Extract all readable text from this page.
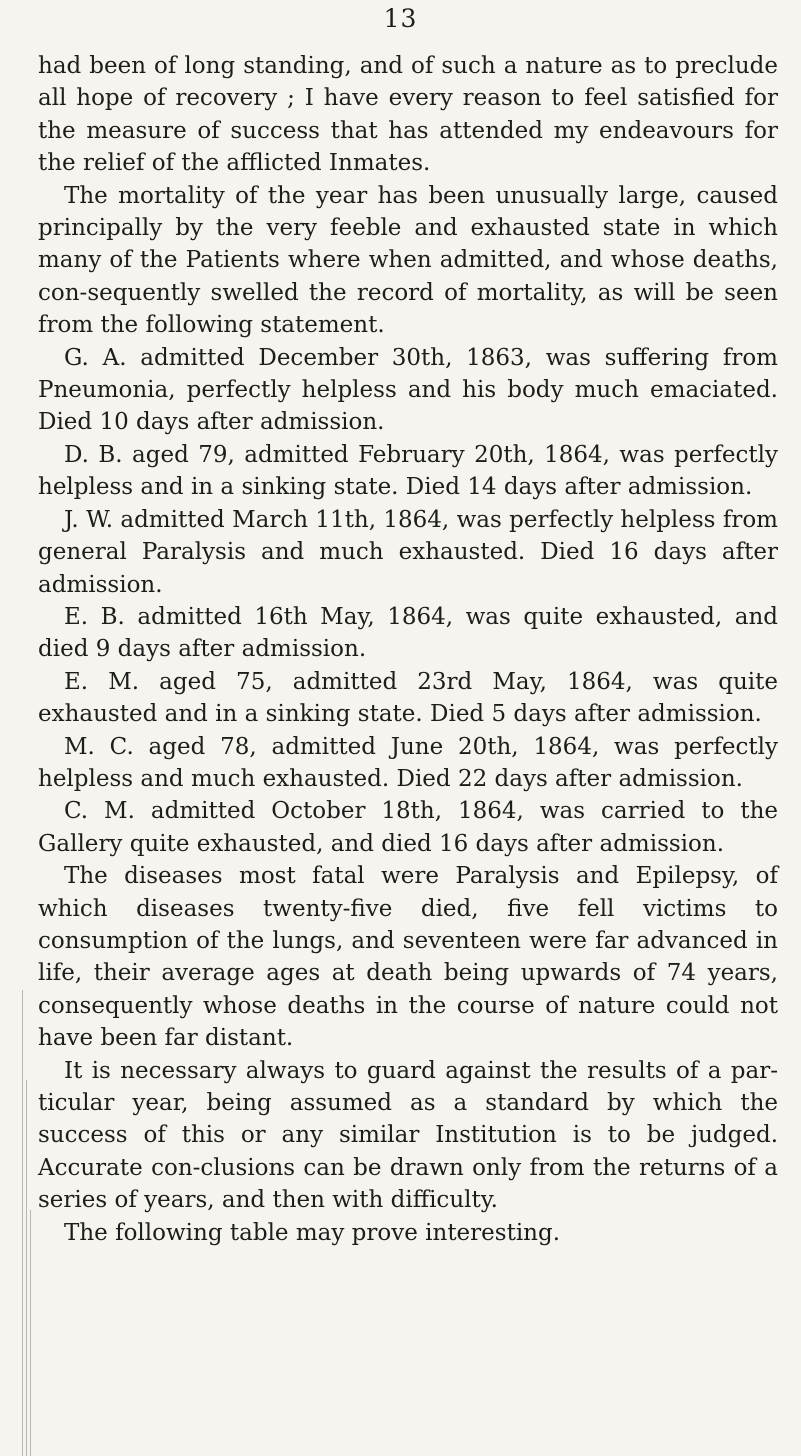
13

had been of long standing, and of such a nature as to preclude all hope of recovery ; I have every reason to feel satisfied for the measure of success that has attended my endeavours for the relief of the afflicted Inmates.

The mortality of the year has been unusually large, caused principally by the very feeble and exhausted state in which many of the Patients where when admitted, and whose deaths, con-sequently swelled the record of mortality, as will be seen from the following statement.

G. A. admitted December 30th, 1863, was suffering from Pneumonia, perfectly helpless and his body much emaciated. Died 10 days after admission.

D. B. aged 79, admitted February 20th, 1864, was perfectly helpless and in a sinking state. Died 14 days after admission.

J. W. admitted March 11th, 1864, was perfectly helpless from general Paralysis and much exhausted. Died 16 days after admission.

E. B. admitted 16th May, 1864, was quite exhausted, and died 9 days after admission.

E. M. aged 75, admitted 23rd May, 1864, was quite exhausted and in a sinking state. Died 5 days after admission.

M. C. aged 78, admitted June 20th, 1864, was perfectly helpless and much exhausted. Died 22 days after admission.

C. M. admitted October 18th, 1864, was carried to the Gallery quite exhausted, and died 16 days after admission.

The diseases most fatal were Paralysis and Epilepsy, of which diseases twenty-five died, five fell victims to consumption of the lungs, and seventeen were far advanced in life, their average ages at death being upwards of 74 years, consequently whose deaths in the course of nature could not have been far distant.

It is necessary always to guard against the results of a par-ticular year, being assumed as a standard by which the success of this or any similar Institution is to be judged. Accurate con-clusions can be drawn only from the returns of a series of years, and then with difficulty.

The following table may prove interesting.
